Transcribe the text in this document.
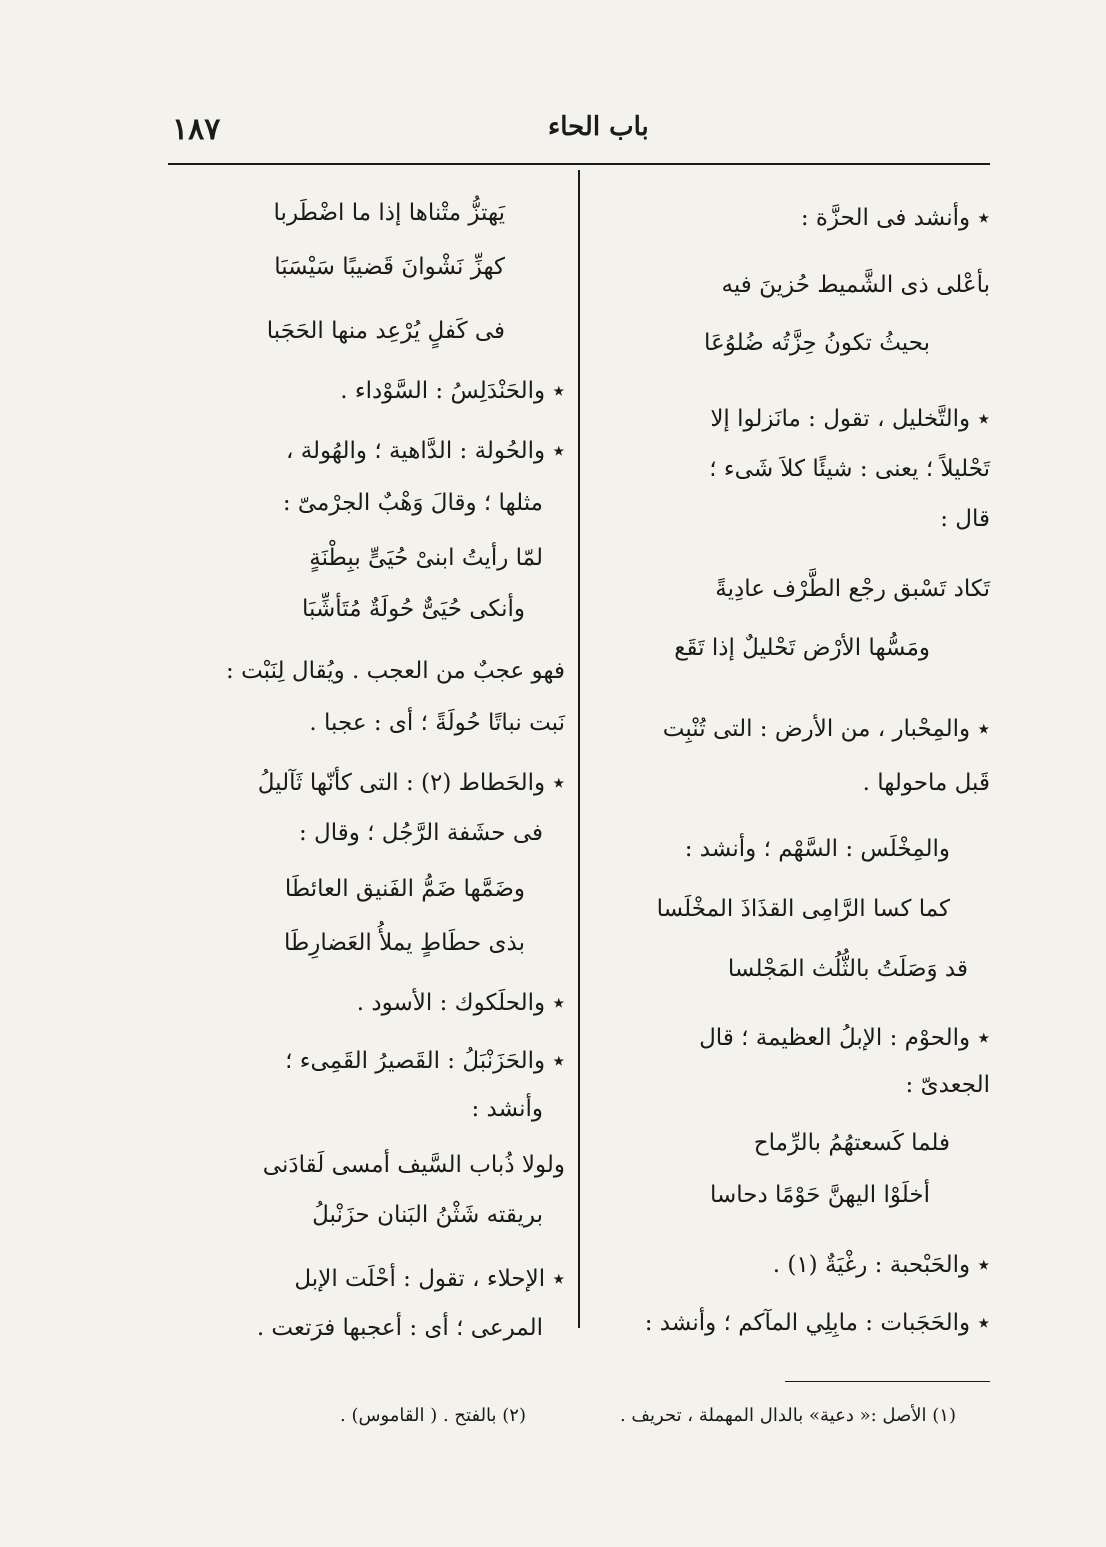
١٨٧	باب الحاء
٭ وأنشد فى الحزَّة :
بأعْلى ذى الشَّميط حُزينَ فيه
بحيثُ تكونُ حِزَّتُه ضُلوُعَا
٭ والتَّخليل ، تقول : مانَزلوا إلا
تَحْليلاً ؛ يعنى : شيئًا كلاَ شَىء ؛
قال :
تَكاد تَسْبق رجْع الطَّرْف عادِيةً
ومَسُّها الأرْض تَحْليلٌ إذا تَقَع
٭ والمِحْبار ، من الأرض : التى تُنْبِت
قَبل ماحولها .
والمِخْلَس : السَّهْم ؛ وأنشد :
كما كسا الرَّامِى القذَاذَ المخْلَسا
قد وَصَلَتُ بالثُّلُث المَجْلسا
٭ والحوْم : الإبلُ العظيمة ؛ قال
الجعدىّ :
فلما كَسعتهُمُ بالرِّماح
أخلَوْا اليهنَّ حَوْمًا دحاسا
٭ والحَبْحبة : رغْيَةٌ (١) .
٭ والحَجَبات : مابِلِي المآكم ؛ وأنشد :
يَهتزُّ متْناها إذا ما اضْطَربا
كهزِّ نَشْوانَ قَضيبًا سَيْسَبَا
فى كَفلٍ يُرْعِد منها الحَجَبا
٭ والحَنْدَلِسُ : السَّوْداء .
٭ والحُولة : الدَّاهية ؛ والهُولة ،
مثلها ؛ وقالَ وَهْبٌ الجرْمىّ :
لمّا رأيتُ ابنىْ حُيَىٍّ ببِطْنَةٍ
وأنكى حُيَىٌّ حُولَةٌ مُتَأشِّبَا
فهو عجبٌ من العجب . ويُقال لِنَبْت :
نَبت نباتًا حُولَةً ؛ أى : عجبا .
٭ والحَطاط (٢) : التى كأنّها ثَآليلُ
فى حشَفة الرَّجُل ؛ وقال :
وضَمَّها ضَمُّ الفَنيق العائطَا
بذى حطَاطٍ يملأُ العَضارِطَا
٭ والحلَكوك : الأسود .
٭ والحَزَنْبَلُ : القَصيرُ القَمِىء ؛
وأنشد :
ولولا ذُباب السَّيف أمسى لَقادَنى
بريقته شَثْنُ البَنان حزَنْبلُ
٭ الإحلاء ، تقول : أحْلَت الإبل
المرعى ؛ أى : أعجبها فرَتعت .
(١) الأصل :« دعية» بالدال المهملة ، تحريف .
(٢) بالفتح . ( القاموس) .
